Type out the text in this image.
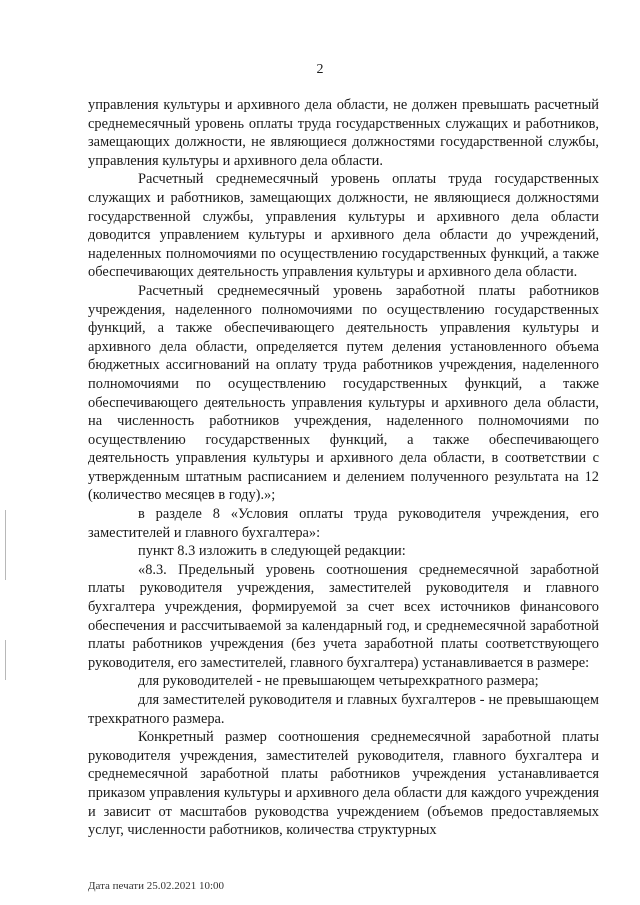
2

управления культуры и архивного дела области, не должен превышать расчетный среднемесячный уровень оплаты труда государственных служащих и работников, замещающих должности, не являющиеся должностями государственной службы, управления культуры и архивного дела области.

Расчетный среднемесячный уровень оплаты труда государственных служащих и работников, замещающих должности, не являющиеся должностями государственной службы, управления культуры и архивного дела области доводится управлением культуры и архивного дела области до учреждений, наделенных полномочиями по осуществлению государственных функций, а также обеспечивающих деятельность управления культуры и архивного дела области.

Расчетный среднемесячный уровень заработной платы работников учреждения, наделенного полномочиями по осуществлению государственных функций, а также обеспечивающего деятельность управления культуры и архивного дела области, определяется путем деления установленного объема бюджетных ассигнований на оплату труда работников учреждения, наделенного полномочиями по осуществлению государственных функций, а также обеспечивающего деятельность управления культуры и архивного дела области, на численность работников учреждения, наделенного полномочиями по осуществлению государственных функций, а также обеспечивающего деятельность управления культуры и архивного дела области, в соответствии с утвержденным штатным расписанием и делением полученного результата на 12 (количество месяцев в году).»;

в разделе 8 «Условия оплаты труда руководителя учреждения, его заместителей и главного бухгалтера»:

пункт 8.3 изложить в следующей редакции:

«8.3. Предельный уровень соотношения среднемесячной заработной платы руководителя учреждения, заместителей руководителя и главного бухгалтера учреждения, формируемой за счет всех источников финансового обеспечения и рассчитываемой за календарный год, и среднемесячной заработной платы работников учреждения (без учета заработной платы соответствующего руководителя, его заместителей, главного бухгалтера) устанавливается в размере:

для руководителей - не превышающем четырехкратного размера;

для заместителей руководителя и главных бухгалтеров - не превышающем трехкратного размера.

Конкретный размер соотношения среднемесячной заработной платы руководителя учреждения, заместителей руководителя, главного бухгалтера и среднемесячной заработной платы работников учреждения устанавливается приказом управления культуры и архивного дела области для каждого учреждения и зависит от масштабов руководства учреждением (объемов предоставляемых услуг, численности работников, количества структурных

Дата печати 25.02.2021 10:00
